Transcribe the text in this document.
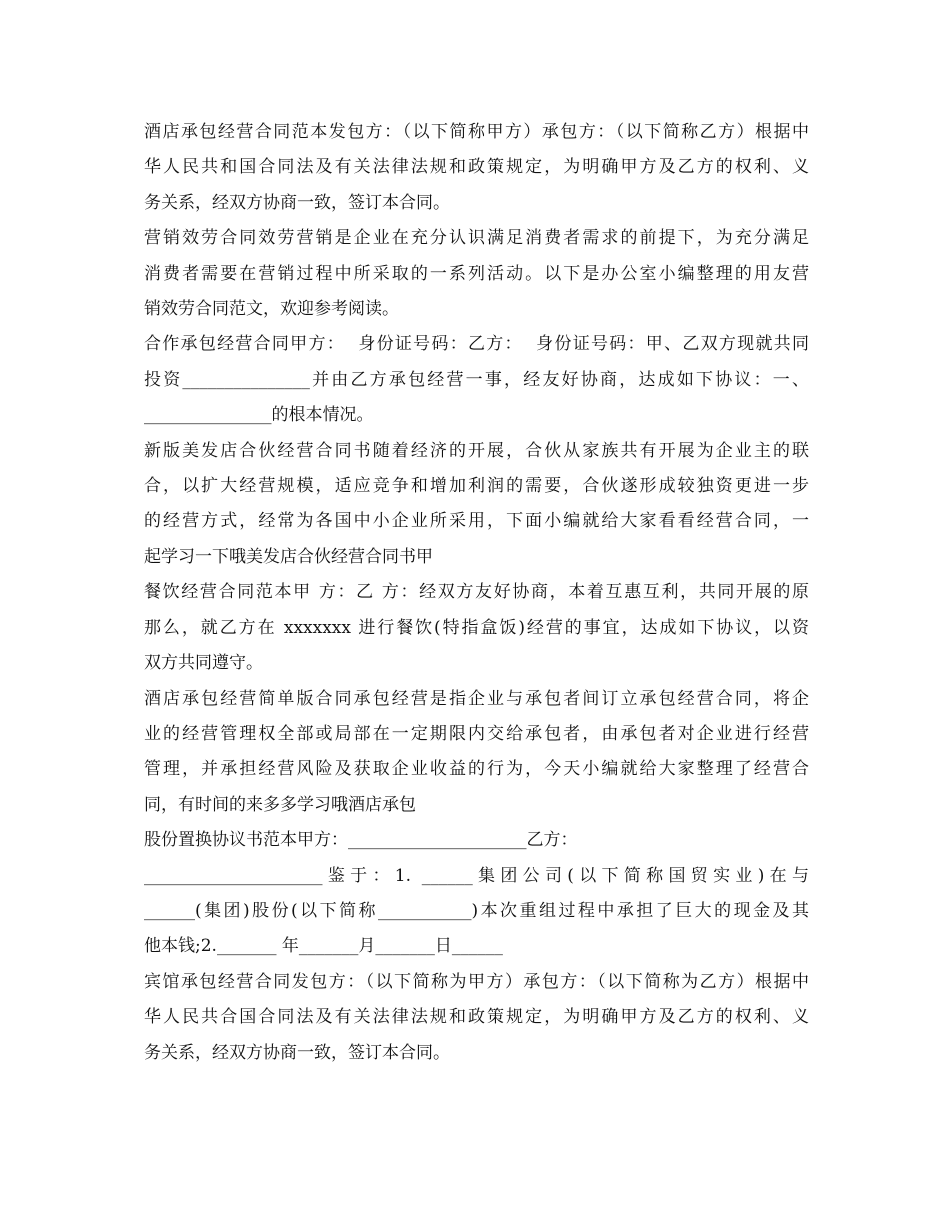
酒店承包经营合同范本发包方：（以下简称甲方）承包方：（以下简称乙方）根据中
华人民共和国合同法及有关法律法规和政策规定，为明确甲方及乙方的权利、义
务关系，经双方协商一致，签订本合同。
营销效劳合同效劳营销是企业在充分认识满足消费者需求的前提下，为充分满足
消费者需要在营销过程中所采取的一系列活动。以下是办公室小编整理的用友营
销效劳合同范文，欢迎参考阅读。
合作承包经营合同甲方：  身份证号码：乙方：  身份证号码：甲、乙双方现就共同
投资_______________并由乙方承包经营一事，经友好协商，达成如下协议：一、
_______________的根本情况。
新版美发店合伙经营合同书随着经济的开展，合伙从家族共有开展为企业主的联
合，以扩大经营规模，适应竞争和增加利润的需要，合伙遂形成较独资更进一步
的经营方式，经常为各国中小企业所采用，下面小编就给大家看看经营合同，一
起学习一下哦美发店合伙经营合同书甲
餐饮经营合同范本甲 方：乙 方：经双方友好协商，本着互惠互利，共同开展的原
那么，就乙方在 xxxxxxx 进行餐饮(特指盒饭)经营的事宜，达成如下协议，以资
双方共同遵守。
酒店承包经营简单版合同承包经营是指企业与承包者间订立承包经营合同，将企
业的经营管理权全部或局部在一定期限内交给承包者，由承包者对企业进行经营
管理，并承担经营风险及获取企业收益的行为，今天小编就给大家整理了经营合
同，有时间的来多多学习哦酒店承包
股份置换协议书范本甲方：_____________________乙方：
_____________________鉴于：1. ______集团公司(以下简称国贸实业)在与
______(集团)股份(以下简称___________)本次重组过程中承担了巨大的现金及其
他本钱;2._______ 年_______月_______日______
宾馆承包经营合同发包方：（以下简称为甲方）承包方：（以下简称为乙方）根据中
华人民共合国合同法及有关法律法规和政策规定，为明确甲方及乙方的权利、义
务关系，经双方协商一致，签订本合同。
